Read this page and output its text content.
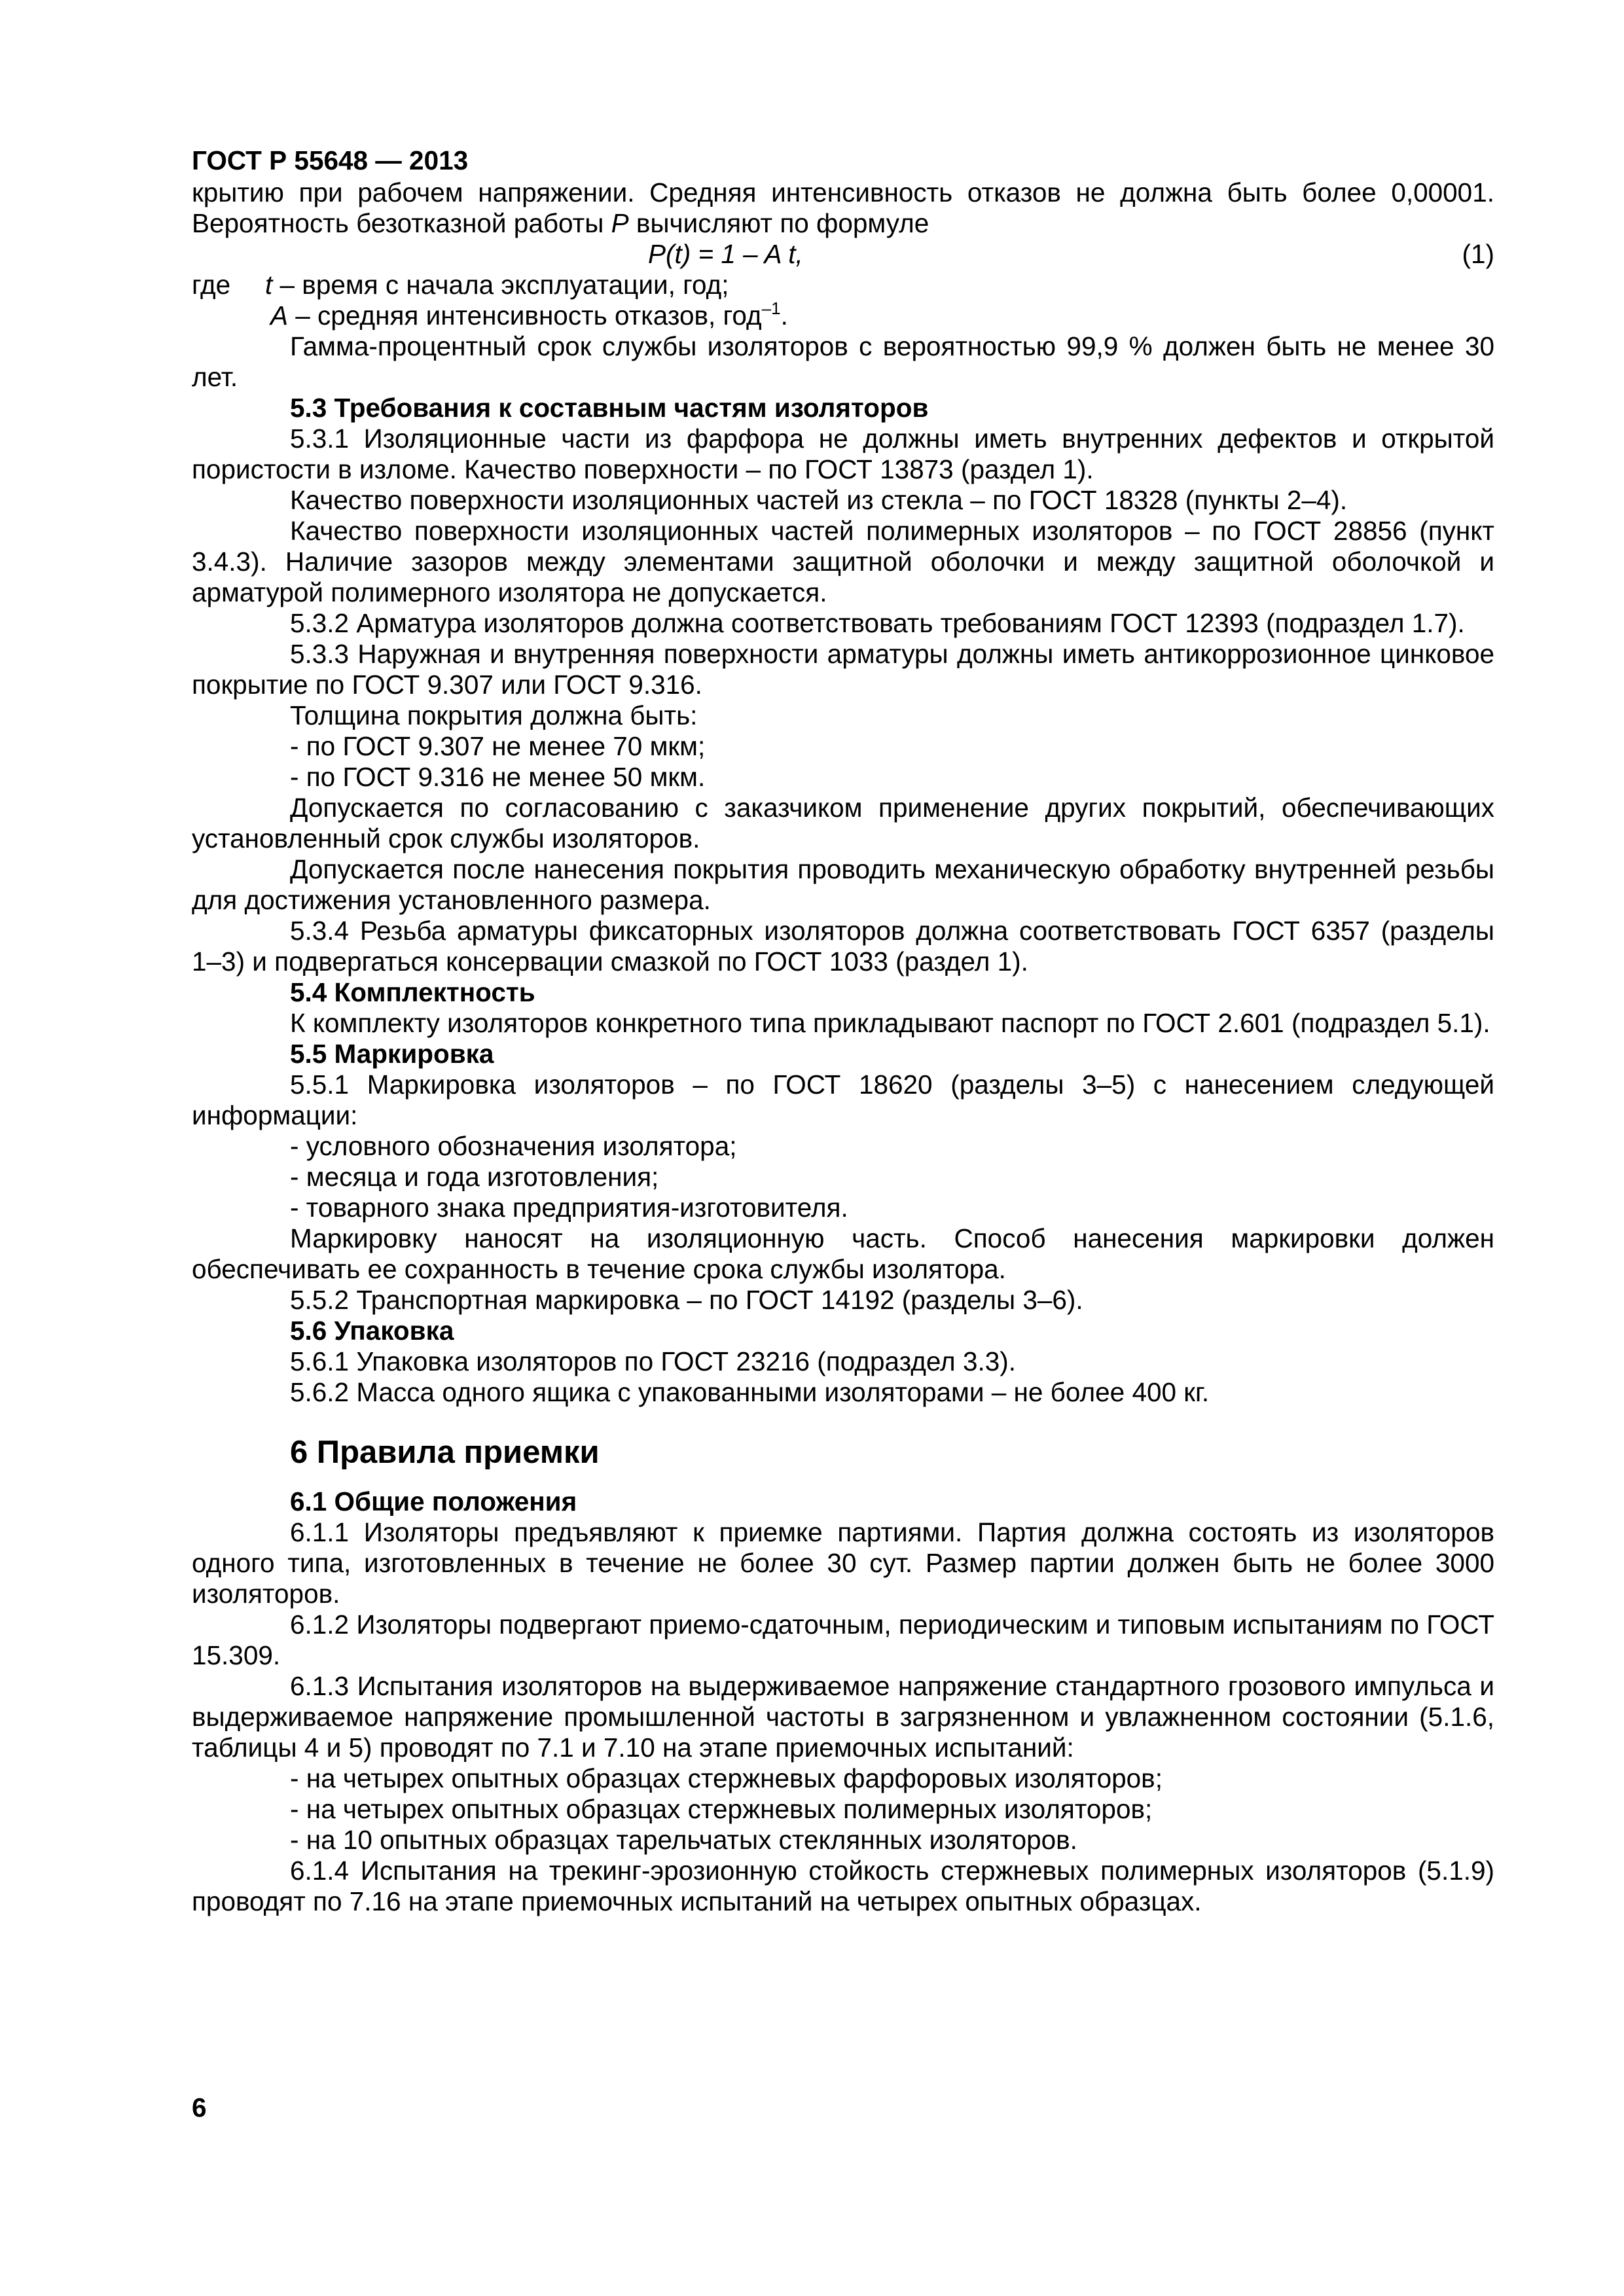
ГОСТ Р 55648 — 2013

крытию при рабочем напряжении. Средняя интенсивность отказов не должна быть более 0,00001. Вероятность безотказной работы P вычисляют по формуле

P(t) = 1 – A t,	(1)
где t – время с начала эксплуатации, год;
A – средняя интенсивность отказов, год$^{-1}$.

Гамма-процентный срок службы изоляторов с вероятностью 99,9 % должен быть не менее 30 лет.

5.3 Требования к составным частям изоляторов

5.3.1 Изоляционные части из фарфора не должны иметь внутренних дефектов и открытой пористости в изломе. Качество поверхности – по ГОСТ 13873 (раздел 1).

Качество поверхности изоляционных частей из стекла – по ГОСТ 18328 (пункты 2–4).

Качество поверхности изоляционных частей полимерных изоляторов – по ГОСТ 28856 (пункт 3.4.3). Наличие зазоров между элементами защитной оболочки и между защитной оболочкой и арматурой полимерного изолятора не допускается.

5.3.2 Арматура изоляторов должна соответствовать требованиям ГОСТ 12393 (подраздел 1.7).

5.3.3 Наружная и внутренняя поверхности арматуры должны иметь антикоррозионное цинковое покрытие по ГОСТ 9.307 или ГОСТ 9.316.

Толщина покрытия должна быть:

- по ГОСТ 9.307 не менее 70 мкм;

- по ГОСТ 9.316 не менее 50 мкм.

Допускается по согласованию с заказчиком применение других покрытий, обеспечивающих установленный срок службы изоляторов.

Допускается после нанесения покрытия проводить механическую обработку внутренней резьбы для достижения установленного размера.

5.3.4 Резьба арматуры фиксаторных изоляторов должна соответствовать ГОСТ 6357 (разделы 1–3) и подвергаться консервации смазкой по ГОСТ 1033 (раздел 1).

5.4 Комплектность

К комплекту изоляторов конкретного типа прикладывают паспорт по ГОСТ 2.601 (подраздел 5.1).

5.5 Маркировка

5.5.1 Маркировка изоляторов – по ГОСТ 18620 (разделы 3–5) с нанесением следующей информации:

- условного обозначения изолятора;

- месяца и года изготовления;

- товарного знака предприятия-изготовителя.

Маркировку наносят на изоляционную часть. Способ нанесения маркировки должен обеспечивать ее сохранность в течение срока службы изолятора.

5.5.2 Транспортная маркировка – по ГОСТ 14192 (разделы 3–6).

5.6 Упаковка

5.6.1 Упаковка изоляторов по ГОСТ 23216 (подраздел 3.3).

5.6.2 Масса одного ящика с упакованными изоляторами – не более 400 кг.

6 Правила приемки

6.1 Общие положения

6.1.1 Изоляторы предъявляют к приемке партиями. Партия должна состоять из изоляторов одного типа, изготовленных в течение не более 30 сут. Размер партии должен быть не более 3000 изоляторов.

6.1.2 Изоляторы подвергают приемо-сдаточным, периодическим и типовым испытаниям по ГОСТ 15.309.

6.1.3 Испытания изоляторов на выдерживаемое напряжение стандартного грозового импульса и выдерживаемое напряжение промышленной частоты в загрязненном и увлажненном состоянии (5.1.6, таблицы 4 и 5) проводят по 7.1 и 7.10 на этапе приемочных испытаний:

- на четырех опытных образцах стержневых фарфоровых изоляторов;

- на четырех опытных образцах стержневых полимерных изоляторов;

- на 10 опытных образцах тарельчатых стеклянных изоляторов.

6.1.4 Испытания на трекинг-эрозионную стойкость стержневых полимерных изоляторов (5.1.9) проводят по 7.16 на этапе приемочных испытаний на четырех опытных образцах.

6
